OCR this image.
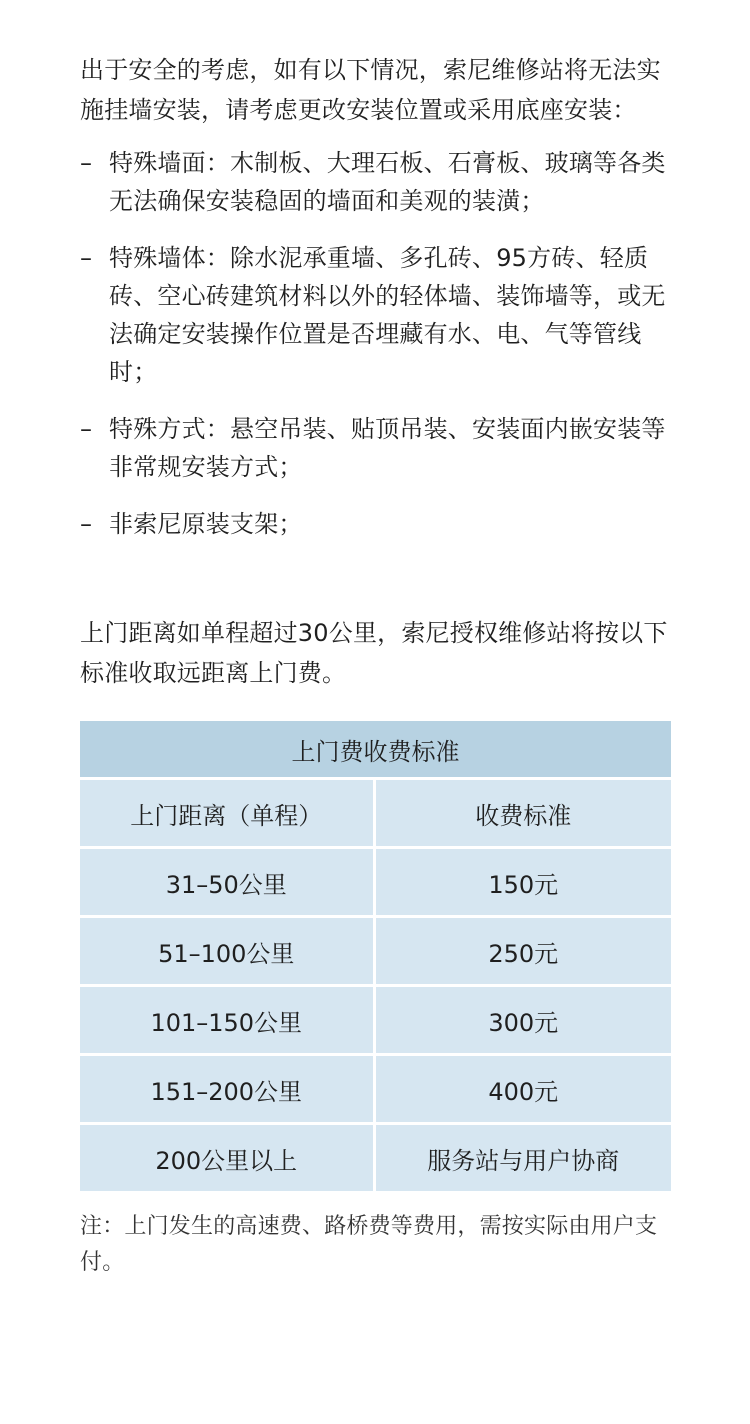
出于安全的考虑，如有以下情况，索尼维修站将无法实施挂墙安装，请考虑更改安装位置或采用底座安装：

– 特殊墙面：木制板、大理石板、石膏板、玻璃等各类无法确保安装稳固的墙面和美观的装潢；
– 特殊墙体：除水泥承重墙、多孔砖、95方砖、轻质砖、空心砖建筑材料以外的轻体墙、装饰墙等，或无法确定安装操作位置是否埋藏有水、电、气等管线时；
– 特殊方式：悬空吊装、贴顶吊装、安装面内嵌安装等非常规安装方式；
– 非索尼原装支架；

上门距离如单程超过30公里，索尼授权维修站将按以下标准收取远距离上门费。

上门费收费标准	
上门距离（单程）	收费标准
31–50公里	150元
51–100公里	250元
101–150公里	300元
151–200公里	400元
200公里以上	服务站与用户协商

注：上门发生的高速费、路桥费等费用，需按实际由用户支付。
